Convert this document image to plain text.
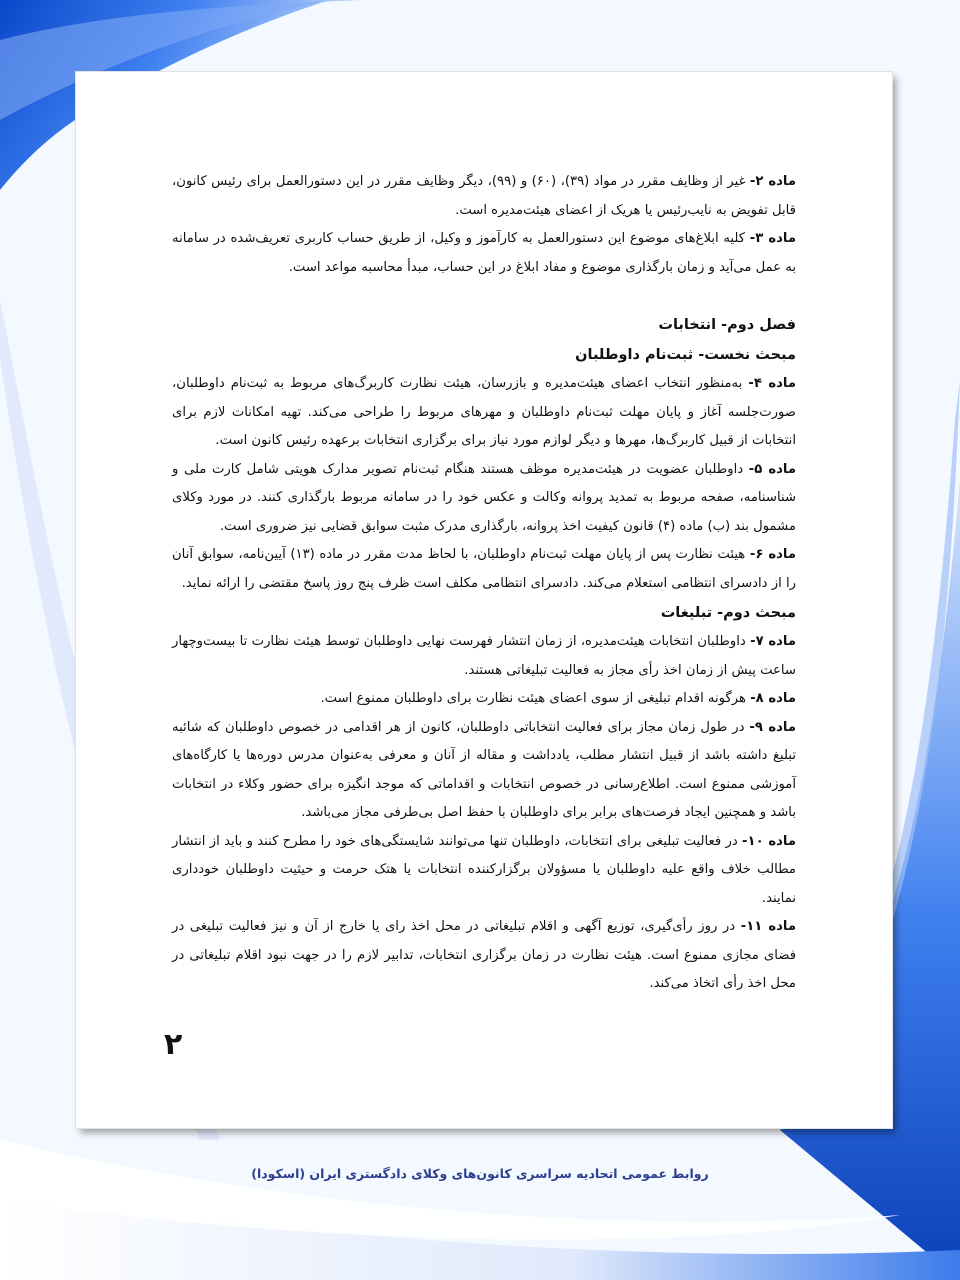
ماده ۲- غیر از وظایف مقرر در مواد (۳۹)، (۶۰) و (۹۹)، دیگر وظایف مقرر در این دستورالعمل برای رئیس کانون، قابل تفویض به نایب‌رئیس یا هریک از اعضای هیئت‌مدیره است.

ماده ۳- کلیه ابلاغ‌های موضوع این دستورالعمل به کارآموز و وکیل، از طریق حساب کاربری تعریف‌شده در سامانه به عمل می‌آید و زمان بارگذاری موضوع و مفاد ابلاغ در این حساب، مبدأ محاسبه مواعد است.

فصل دوم- انتخابات

مبحث نخست- ثبت‌نام داوطلبان

ماده ۴- به‌منظور انتخاب اعضای هیئت‌مدیره و بازرسان، هیئت نظارت کاربرگ‌های مربوط به ثبت‌نام داوطلبان، صورت‌جلسه آغاز و پایان مهلت ثبت‌نام داوطلبان و مهرهای مربوط را طراحی می‌کند. تهیه امکانات لازم برای انتخابات از قبیل کاربرگ‌ها، مهرها و دیگر لوازم مورد نیاز برای برگزاری انتخابات برعهده رئیس کانون است.

ماده ۵- داوطلبان عضویت در هیئت‌مدیره موظف هستند هنگام ثبت‌نام تصویر مدارک هویتی شامل کارت ملی و شناسنامه، صفحه مربوط به تمدید پروانه وکالت و عکس خود را در سامانه مربوط بارگذاری کنند. در مورد وکلای مشمول بند (ب) ماده (۴) قانون کیفیت اخذ پروانه، بارگذاری مدرک مثبت سوابق قضایی نیز ضروری است.

ماده ۶- هیئت نظارت پس از پایان مهلت ثبت‌نام داوطلبان، با لحاظ مدت مقرر در ماده (۱۳) آیین‌نامه، سوابق آنان را از دادسرای انتظامی استعلام می‌کند. دادسرای انتظامی مکلف است ظرف پنج روز پاسخ مقتضی را ارائه نماید.

مبحث دوم- تبلیغات

ماده ۷- داوطلبان انتخابات هیئت‌مدیره، از زمان انتشار فهرست نهایی داوطلبان توسط هیئت نظارت تا بیست‌وچهار ساعت پیش از زمان اخذ رأی مجاز به فعالیت تبلیغاتی هستند.

ماده ۸- هرگونه اقدام تبلیغی از سوی اعضای هیئت نظارت برای داوطلبان ممنوع است.

ماده ۹- در طول زمان مجاز برای فعالیت انتخاباتی داوطلبان، کانون از هر اقدامی در خصوص داوطلبان که شائبه تبلیغ داشته باشد از قبیل انتشار مطلب، یادداشت و مقاله از آنان و معرفی به‌عنوان مدرس دوره‌ها یا کارگاه‌های آموزشی ممنوع است. اطلاع‌رسانی در خصوص انتخابات و اقداماتی که موجد انگیزه برای حضور وکلاء در انتخابات باشد و همچنین ایجاد فرصت‌های برابر برای داوطلبان با حفظ اصل بی‌طرفی مجاز می‌باشد.

ماده ۱۰- در فعالیت تبلیغی برای انتخابات، داوطلبان تنها می‌توانند شایستگی‌های خود را مطرح کنند و باید از انتشار مطالب خلاف واقع علیه داوطلبان یا مسؤولان برگزارکننده انتخابات یا هتک حرمت و حیثیت داوطلبان خودداری نمایند.

ماده ۱۱- در روز رأی‌گیری، توزیع آگهی و اقلام تبلیغاتی در محل اخذ رای یا خارج از آن و نیز فعالیت تبلیغی در فضای مجازی ممنوع است. هیئت نظارت در زمان برگزاری انتخابات، تدابیر لازم را در جهت نبود اقلام تبلیغاتی در محل اخذ رأی اتخاذ می‌کند.

۲
روابط عمومی اتحادیه سراسری کانون‌های وکلای دادگستری ایران (اسکودا)
